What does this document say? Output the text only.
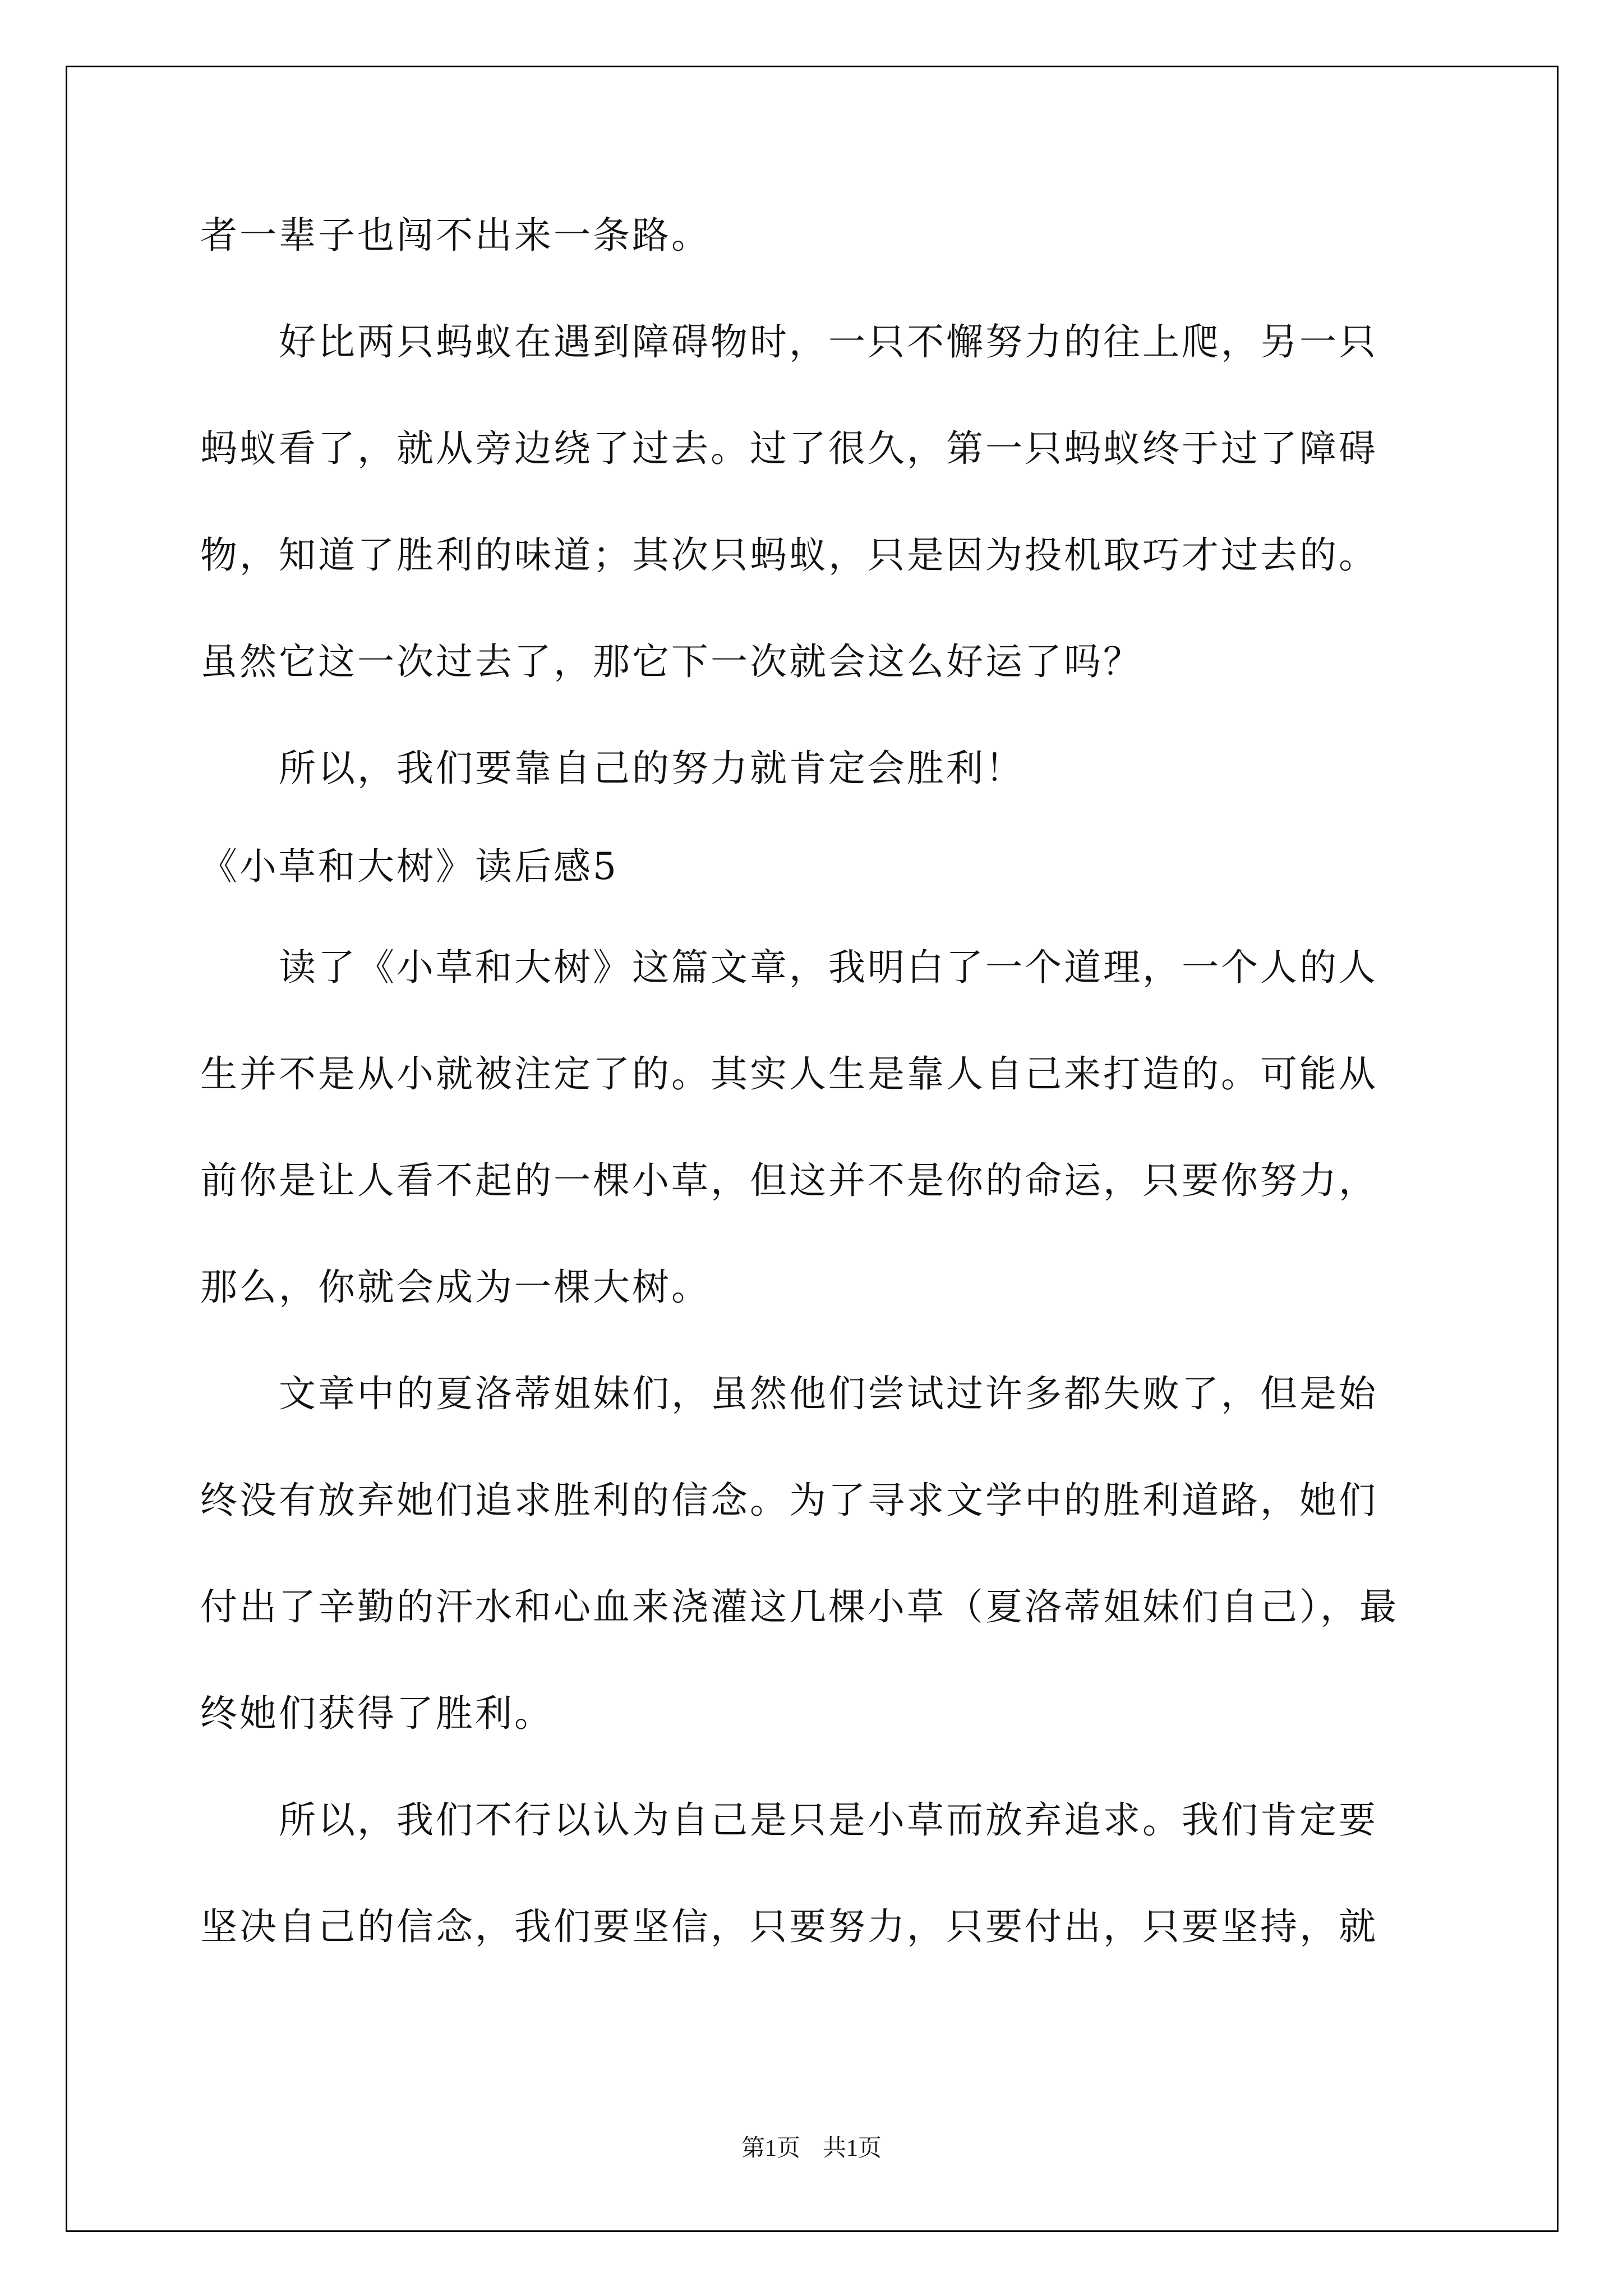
者一辈子也闯不出来一条路。
好比两只蚂蚁在遇到障碍物时，一只不懈努力的往上爬，另一只
蚂蚁看了，就从旁边绕了过去。过了很久，第一只蚂蚁终于过了障碍
物，知道了胜利的味道；其次只蚂蚁，只是因为投机取巧才过去的。
虽然它这一次过去了，那它下一次就会这么好运了吗？
所以，我们要靠自己的努力就肯定会胜利！
《小草和大树》读后感5
读了《小草和大树》这篇文章，我明白了一个道理，一个人的人
生并不是从小就被注定了的。其实人生是靠人自己来打造的。可能从
前你是让人看不起的一棵小草，但这并不是你的命运，只要你努力，
那么，你就会成为一棵大树。
文章中的夏洛蒂姐妹们，虽然他们尝试过许多都失败了，但是始
终没有放弃她们追求胜利的信念。为了寻求文学中的胜利道路，她们
付出了辛勤的汗水和心血来浇灌这几棵小草（夏洛蒂姐妹们自己），最
终她们获得了胜利。
所以，我们不行以认为自己是只是小草而放弃追求。我们肯定要
坚决自己的信念，我们要坚信，只要努力，只要付出，只要坚持，就
第1页 共1页
